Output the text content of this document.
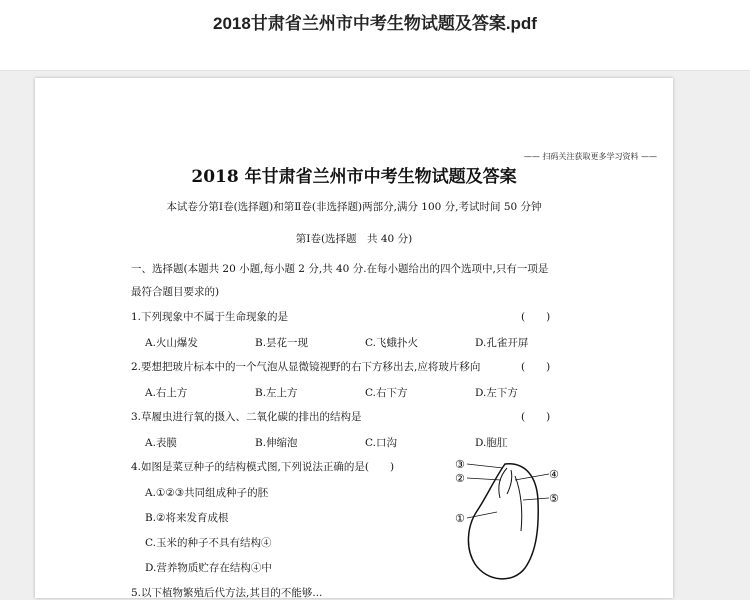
2018甘肃省兰州市中考生物试题及答案.pdf
—— 扫码关注获取更多学习资料 ——
2018 年甘肃省兰州市中考生物试题及答案
本试卷分第Ⅰ卷(选择题)和第Ⅱ卷(非选择题)两部分,满分 100 分,考试时间 50 分钟
第Ⅰ卷(选择题　共 40 分)
一、选择题(本题共 20 小题,每小题 2 分,共 40 分.在每小题给出的四个选项中,只有一项是
最符合题目要求的)
1.下列现象中不属于生命现象的是	(　　)
A.火山爆发	B.昙花一现	C.飞蛾扑火	D.孔雀开屏
2.要想把玻片标本中的一个气泡从显微镜视野的右下方移出去,应将玻片移向	(　　)
A.右上方	B.左上方	C.右下方	D.左下方
3.草履虫进行氧的摄入、二氧化碳的排出的结构是	(　　)
A.表膜	B.伸缩泡	C.口沟	D.胞肛
4.如图是菜豆种子的结构模式图,下列说法正确的是(　　)
A.①②③共同组成种子的胚
B.②将来发育成根
C.玉米的种子不具有结构④
D.营养物质贮存在结构④中
5.以下植物繁殖后代方法,其目的不能够...
③
②
①
④
⑤
